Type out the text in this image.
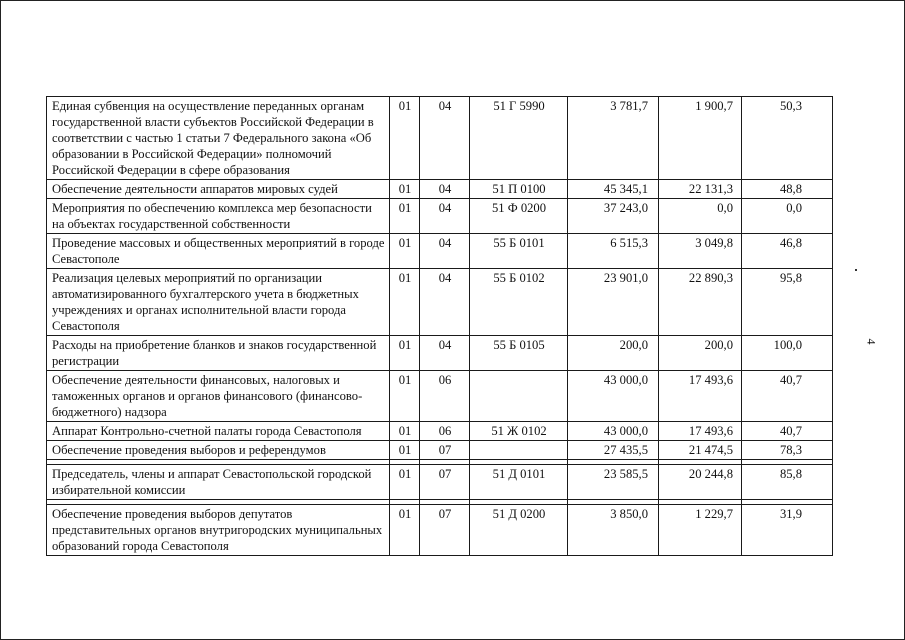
Единая субвенция на осуществление переданных органам государственной власти субъектов Российской Федерации в соответствии с частью 1 статьи 7 Федерального закона «Об образовании в Российской Федерации» полномочий Российской Федерации в сфере образования	01	04	51 Г 5990	3 781,7	1 900,7	50,3
Обеспечение деятельности аппаратов мировых судей	01	04	51 П 0100	45 345,1	22 131,3	48,8
Мероприятия по обеспечению комплекса мер безопасности на объектах государственной собственности	01	04	51 Ф 0200	37 243,0	0,0	0,0
Проведение массовых и общественных мероприятий в городе Севастополе	01	04	55 Б 0101	6 515,3	3 049,8	46,8
Реализация целевых мероприятий по организации автоматизированного бухгалтерского учета в бюджетных учреждениях и органах исполнительной власти города Севастополя	01	04	55 Б 0102	23 901,0	22 890,3	95,8
Расходы на приобретение бланков и знаков государственной регистрации	01	04	55 Б 0105	200,0	200,0	100,0
Обеспечение деятельности финансовых, налоговых и таможенных органов и органов финансового (финансово-бюджетного) надзора	01	06		43 000,0	17 493,6	40,7
Аппарат Контрольно-счетной палаты города Севастополя	01	06	51 Ж 0102	43 000,0	17 493,6	40,7
Обеспечение проведения выборов и референдумов	01	07		27 435,5	21 474,5	78,3

Председатель, члены и аппарат Севастопольской городской избирательной комиссии	01	07	51 Д 0101	23 585,5	20 244,8	85,8

Обеспечение проведения выборов депутатов представительных органов внутригородских муниципальных образований города Севастополя	01	07	51 Д 0200	3 850,0	1 229,7	31,9
4
